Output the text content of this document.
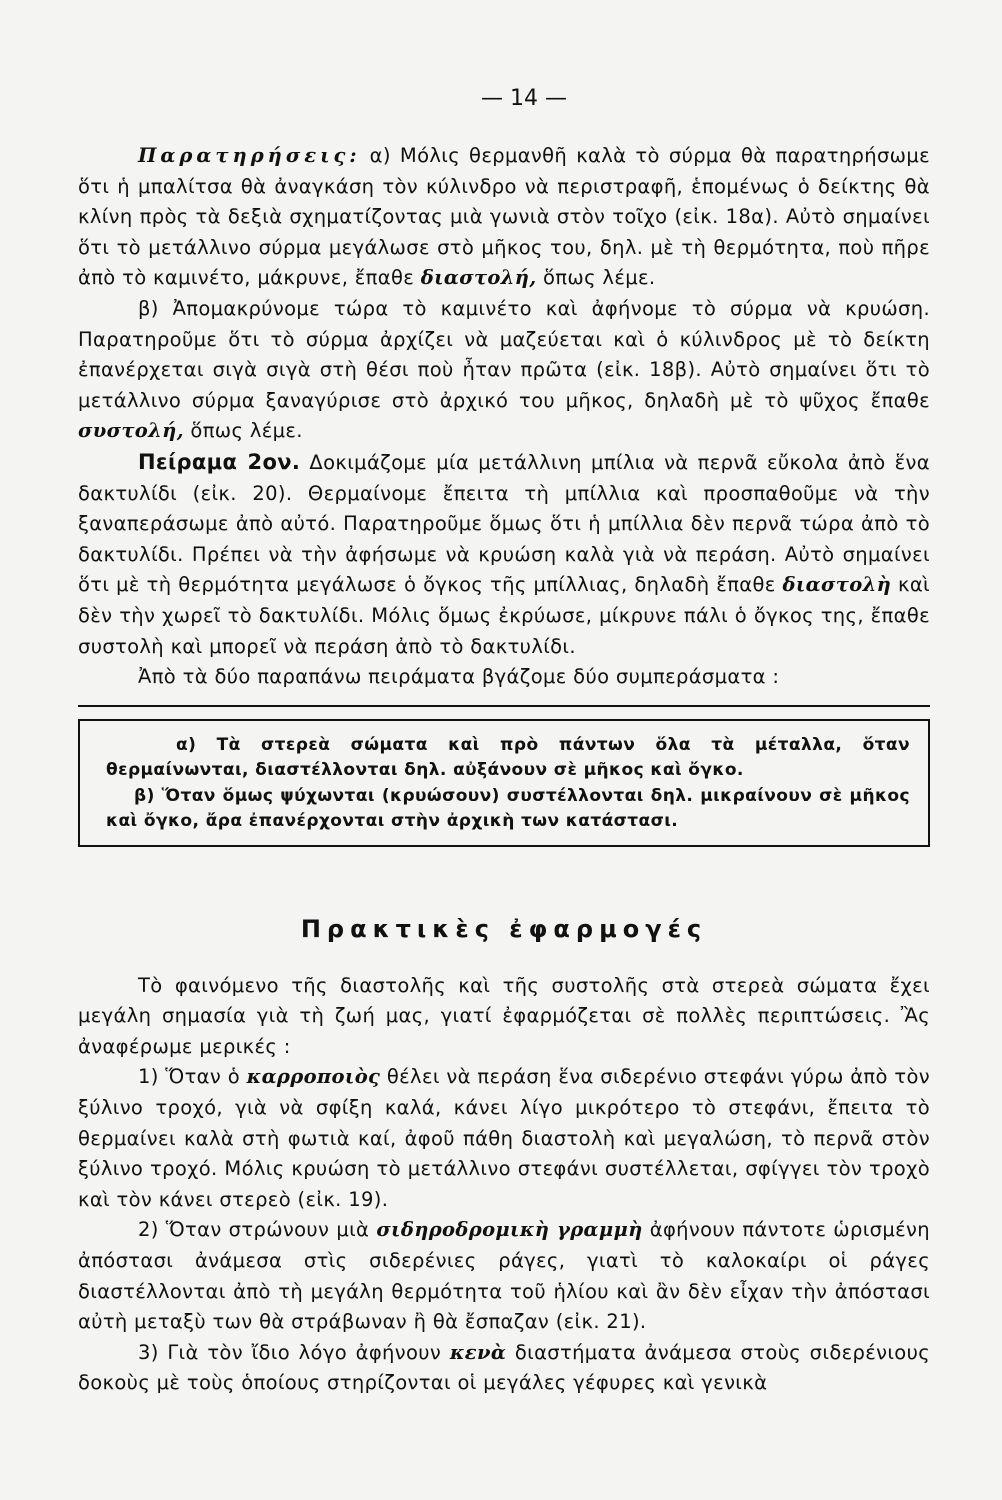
— 14 —

Παρατηρήσεις: α) Μόλις θερμανθῆ καλὰ τὸ σύρμα θὰ παρατηρήσωμε ὅτι ἡ μπαλίτσα θὰ ἀναγκάση τὸν κύλινδρο νὰ περιστραφῆ, ἑπομένως ὁ δείκτης θὰ κλίνη πρὸς τὰ δεξιὰ σχηματίζοντας μιὰ γωνιὰ στὸν τοῖχο (εἰκ. 18α). Αὐτὸ σημαίνει ὅτι τὸ μετάλλινο σύρμα μεγάλωσε στὸ μῆκος του, δηλ. μὲ τὴ θερμότητα, ποὺ πῆρε ἀπὸ τὸ καμινέτο, μάκρυνε, ἔπαθε διαστολή, ὅπως λέμε.

β) Ἀπομακρύνομε τώρα τὸ καμινέτο καὶ ἀφήνομε τὸ σύρμα νὰ κρυώση. Παρατηροῦμε ὅτι τὸ σύρμα ἀρχίζει νὰ μαζεύεται καὶ ὁ κύλινδρος μὲ τὸ δείκτη ἐπανέρχεται σιγὰ σιγὰ στὴ θέσι ποὺ ἦταν πρῶτα (εἰκ. 18β). Αὐτὸ σημαίνει ὅτι τὸ μετάλλινο σύρμα ξαναγύρισε στὸ ἀρχικό του μῆκος, δηλαδὴ μὲ τὸ ψῦχος ἔπαθε συστολή, ὅπως λέμε.

Πείραμα 2ον. Δοκιμάζομε μία μετάλλινη μπίλια νὰ περνᾶ εὔκολα ἀπὸ ἕνα δακτυλίδι (εἰκ. 20). Θερμαίνομε ἔπειτα τὴ μπίλλια καὶ προσπαθοῦμε νὰ τὴν ξαναπεράσωμε ἀπὸ αὐτό. Παρατηροῦμε ὅμως ὅτι ἡ μπίλλια δὲν περνᾶ τώρα ἀπὸ τὸ δακτυλίδι. Πρέπει νὰ τὴν ἀφήσωμε νὰ κρυώση καλὰ γιὰ νὰ περάση. Αὐτὸ σημαίνει ὅτι μὲ τὴ θερμότητα μεγάλωσε ὁ ὄγκος τῆς μπίλλιας, δηλαδὴ ἔπαθε διαστολὴ καὶ δὲν τὴν χωρεῖ τὸ δακτυλίδι. Μόλις ὅμως ἐκρύωσε, μίκρυνε πάλι ὁ ὄγκος της, ἔπαθε συστολὴ καὶ μπορεῖ νὰ περάση ἀπὸ τὸ δακτυλίδι.

Ἀπὸ τὰ δύο παραπάνω πειράματα βγάζομε δύο συμπεράσματα :

α) Τὰ στερεὰ σώματα καὶ πρὸ πάντων ὅλα τὰ μέταλλα, ὅταν θερμαίνωνται, διαστέλλονται δηλ. αὐξάνουν σὲ μῆκος καὶ ὄγκο.

β) Ὅταν ὅμως ψύχωνται (κρυώσουν) συστέλλονται δηλ. μικραίνουν σὲ μῆκος καὶ ὄγκο, ἄρα ἐπανέρχονται στὴν ἀρχικὴ των κατάστασι.

Πρακτικὲς ἐφαρμογές

Τὸ φαινόμενο τῆς διαστολῆς καὶ τῆς συστολῆς στὰ στερεὰ σώματα ἔχει μεγάλη σημασία γιὰ τὴ ζωή μας, γιατί ἐφαρμόζεται σὲ πολλὲς περιπτώσεις. Ἂς ἀναφέρωμε μερικές :

1) Ὅταν ὁ καρροποιὸς θέλει νὰ περάση ἕνα σιδερένιο στεφάνι γύρω ἀπὸ τὸν ξύλινο τροχό, γιὰ νὰ σφίξη καλά, κάνει λίγο μικρότερο τὸ στεφάνι, ἔπειτα τὸ θερμαίνει καλὰ στὴ φωτιὰ καί, ἀφοῦ πάθη διαστολὴ καὶ μεγαλώση, τὸ περνᾶ στὸν ξύλινο τροχό. Μόλις κρυώση τὸ μετάλλινο στεφάνι συστέλλεται, σφίγγει τὸν τροχὸ καὶ τὸν κάνει στερεὸ (εἰκ. 19).

2) Ὅταν στρώνουν μιὰ σιδηροδρομικὴ γραμμὴ ἀφήνουν πάντοτε ὡρισμένη ἀπόστασι ἀνάμεσα στὶς σιδερένιες ράγες, γιατὶ τὸ καλοκαίρι οἱ ράγες διαστέλλονται ἀπὸ τὴ μεγάλη θερμότητα τοῦ ἡλίου καὶ ἂν δὲν εἶχαν τὴν ἀπόστασι αὐτὴ μεταξὺ των θὰ στράβωναν ἢ θὰ ἔσπαζαν (εἰκ. 21).

3) Γιὰ τὸν ἴδιο λόγο ἀφήνουν κενὰ διαστήματα ἀνάμεσα στοὺς σιδερένιους δοκοὺς μὲ τοὺς ὁποίους στηρίζονται οἱ μεγάλες γέφυρες καὶ γενικὰ
